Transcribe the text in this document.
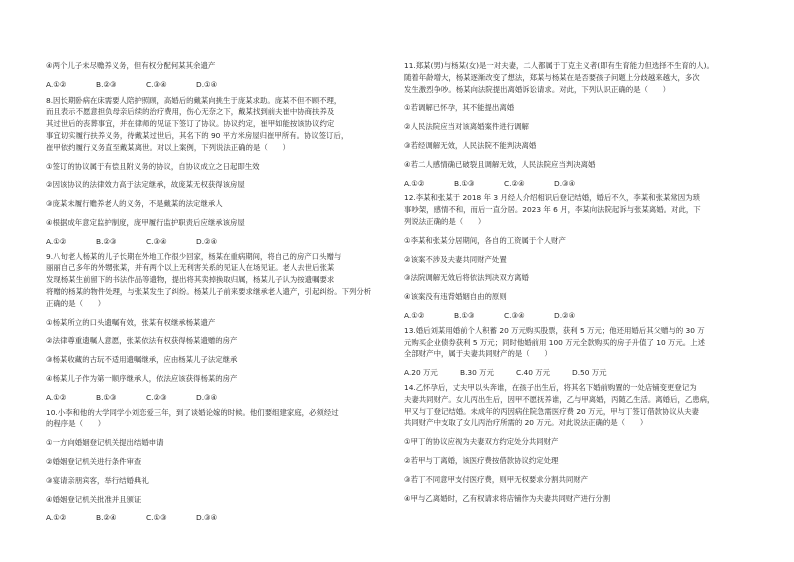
④两个儿子未尽赡养义务，但有权分配何某其余遗产

A.①②	B.②③	C.③④	D.①④

8.因长期卧病在床需要人陪护照顾，高婚后的戴某向挑生于庞某求助。庞某不但不顾不理，

而且表示不愿意担负母亲后续的治疗费用，伤心无奈之下，戴某找到前夫崔中协商扶养及

其过世后的丧葬事宜，并在律师的见证下签订了协议。协议约定，崔甲如能按该协议约定

事宜切实履行扶养义务，待戴某过世后，其名下的 90 平方米房屋归崔甲所有。协议签订后，

崔甲依约履行义务直至戴某离世。对以上案例，下列说法正确的是（　　）

①签订的协议属于有偿且附义务的协议，自协议成立之日起即生效

②因该协议的法律效力高于法定继承，故庞某无权获得该房屋

③庞某未履行赡养老人的义务，不是戴某的法定继承人

④根据成年意定监护制度，庞甲履行监护职责后应继承该房屋

A.①②	B.②③	C.③④	D.②④

9.八旬老人杨某的儿子长期在外地工作很少回家，杨某在重病期间，将自己的房产口头赠与

丽丽自己多年的外甥张某，并有两个以上无利害关系的见证人在场见证。老人去世后张某

发现杨某生前留下的书法作品等遗物，提出将其卖掉换取归属，杨某儿子认为按遗嘱要求

将赠的杨某的物件处理，与张某发生了纠纷。杨某儿子前来要求继承老人遗产，引起纠纷。下列分析

正确的是（　　）

①杨某所立的口头遗嘱有效，张某有权继承杨某遗产

②法律尊重遗嘱人意愿，张某依法有权获得杨某遗赠的房产

③杨某收藏的古玩不适用遗嘱继承，应由杨某儿子法定继承

④杨某儿子作为第一顺序继承人，依法应该获得杨某的房产

A.①②	B.①③	C.②③	D.③④

10.小李和他的大学同学小刘恋爱三年，到了谈婚论嫁的时候。他们要组建家庭，必须经过

的程序是（　　）

①一方向婚姻登记机关提出结婚申请

②婚姻登记机关进行条件审查

③宴请亲朋宾客，举行结婚典礼

④婚姻登记机关批准并且颁证

A.①②	B.②④	C.①③	D.③④

11.郑某(男)与杨某(女)是一对夫妻，二人都属于丁克主义者(即有生育能力但选择不生育的人)。

随着年龄增大，杨某逐渐改变了想法，郑某与杨某在是否要孩子问题上分歧越来越大，多次

发生激烈争吵。杨某向法院提出离婚诉讼请求。对此，下列认识正确的是（　　）

①若调解已怀孕，其不能提出离婚

②人民法院应当对该离婚案件进行调解

③若经调解无效，人民法院不能判决离婚

④若二人感情确已破裂且调解无效，人民法院应当判决离婚

A.①②	B.①③	C.②④	D.③④

12.李某和张某于 2018 年 3 月经人介绍相识后登记结婚，婚后不久，李某和张某常因为琐

事吵架，感情不和，而后一直分居。2023 年 6 月，李某向法院起诉与张某离婚。对此，下

列说法正确的是（　　）

①李某和张某分居期间，各自的工资属于个人财产

②该案不涉及夫妻共同财产处置

③法院调解无效后将依法判决双方离婚

④该案没有违背婚姻自由的原则

A.①②	B.①③	C.③④	D.②④

13.婚后刘某用婚前个人积蓄 20 万元购买股票，获利 5 万元；他还用婚后其父赠与的 30 万

元购买企业债券获利 5 万元；同时他婚前用 100 万元全款购买的房子升值了 10 万元。上述

全部财产中，属于夫妻共同财产的是（　　）

A.20 万元	B.30 万元	C.40 万元	D.50 万元

14.乙怀孕后，丈夫甲以头奔谁，在孩子出生后，将其名下婚前购置的一处店铺变更登记为

夫妻共同财产。女儿丙出生后，因甲不愿抚养谁，乙与甲离婚，丙随乙生活。离婚后，乙患病，

甲又与丁登记结婚。未成年的丙因病住院急需医疗费 20 万元，甲与丁签订借款协议从夫妻

共同财产中支取了女儿丙治疗所需的 20 万元。对此说法正确的是（　　）

①甲丁的协议应视为夫妻双方约定处分共同财产

②若甲与丁离婚，该医疗费按借款协议约定处理

③若丁不同意甲支付医疗费，则甲无权要求分割共同财产

④甲与乙离婚时，乙有权请求将店铺作为夫妻共同财产进行分割
